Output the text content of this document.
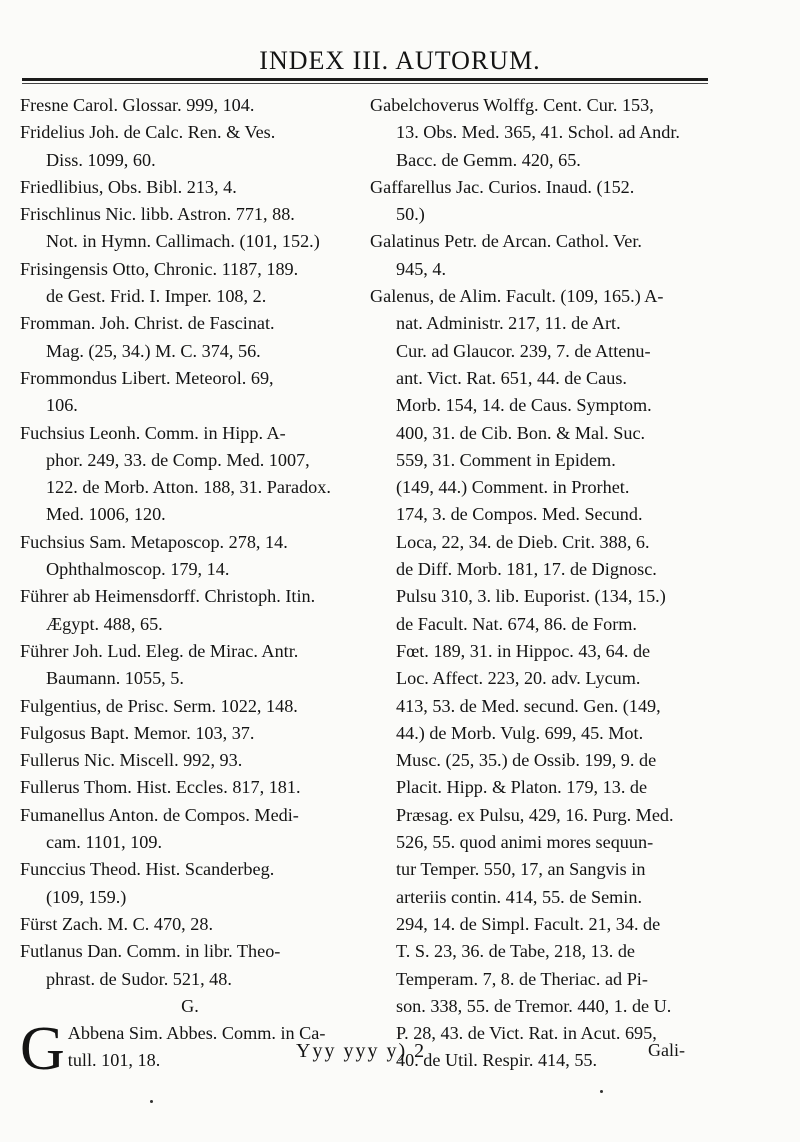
INDEX III. AUTORUM.
Fresne Carol. Glossar. 999, 104.
Fridelius Joh. de Calc. Ren. & Ves.
Diss. 1099, 60.
Friedlibius, Obs. Bibl. 213, 4.
Frischlinus Nic. libb. Astron. 771, 88.
Not. in Hymn. Callimach. (101, 152.)
Frisingensis Otto, Chronic. 1187, 189.
de Gest. Frid. I. Imper. 108, 2.
Fromman. Joh. Christ. de Fascinat.
Mag. (25, 34.) M. C. 374, 56.
Frommondus Libert. Meteorol. 69,
106.
Fuchsius Leonh. Comm. in Hipp. A-
phor. 249, 33. de Comp. Med. 1007,
122. de Morb. Atton. 188, 31. Paradox.
Med. 1006, 120.
Fuchsius Sam. Metaposcop. 278, 14.
Ophthalmoscop. 179, 14.
Führer ab Heimensdorff. Christoph. Itin.
Ægypt. 488, 65.
Führer Joh. Lud. Eleg. de Mirac. Antr.
Baumann. 1055, 5.
Fulgentius, de Prisc. Serm. 1022, 148.
Fulgosus Bapt. Memor. 103, 37.
Fullerus Nic. Miscell. 992, 93.
Fullerus Thom. Hist. Eccles. 817, 181.
Fumanellus Anton. de Compos. Medi-
cam. 1101, 109.
Funccius Theod. Hist. Scanderbeg.
(109, 159.)
Fürst Zach. M. C. 470, 28.
Futlanus Dan. Comm. in libr. Theo-
phrast. de Sudor. 521, 48.
G.
G Abbena Sim. Abbes. Comm. in Ca-
tull. 101, 18.
Gabelchoverus Wolffg. Cent. Cur. 153,
13. Obs. Med. 365, 41. Schol. ad Andr.
Bacc. de Gemm. 420, 65.
Gaffarellus Jac. Curios. Inaud. (152.
50.)
Galatinus Petr. de Arcan. Cathol. Ver.
945, 4.
Galenus, de Alim. Facult. (109, 165.) A-
nat. Administr. 217, 11. de Art.
Cur. ad Glaucor. 239, 7. de Attenu-
ant. Vict. Rat. 651, 44. de Caus.
Morb. 154, 14. de Caus. Symptom.
400, 31. de Cib. Bon. & Mal. Suc.
559, 31. Comment in Epidem.
(149, 44.) Comment. in Prorhet.
174, 3. de Compos. Med. Secund.
Loca, 22, 34. de Dieb. Crit. 388, 6.
de Diff. Morb. 181, 17. de Dignosc.
Pulsu 310, 3. lib. Euporist. (134, 15.)
de Facult. Nat. 674, 86. de Form.
Fœt. 189, 31. in Hippoc. 43, 64. de
Loc. Affect. 223, 20. adv. Lycum.
413, 53. de Med. secund. Gen. (149,
44.) de Morb. Vulg. 699, 45. Mot.
Musc. (25, 35.) de Ossib. 199, 9. de
Placit. Hipp. & Platon. 179, 13. de
Præsag. ex Pulsu, 429, 16. Purg. Med.
526, 55. quod animi mores sequun-
tur Temper. 550, 17, an Sangvis in
arteriis contin. 414, 55. de Semin.
294, 14. de Simpl. Facult. 21, 34. de
T. S. 23, 36. de Tabe, 218, 13. de
Temperam. 7, 8. de Theriac. ad Pi-
son. 338, 55. de Tremor. 440, 1. de U.
P. 28, 43. de Vict. Rat. in Acut. 695,
40. de Util. Respir. 414, 55.
Yyy yyy y) 2	Gali-
